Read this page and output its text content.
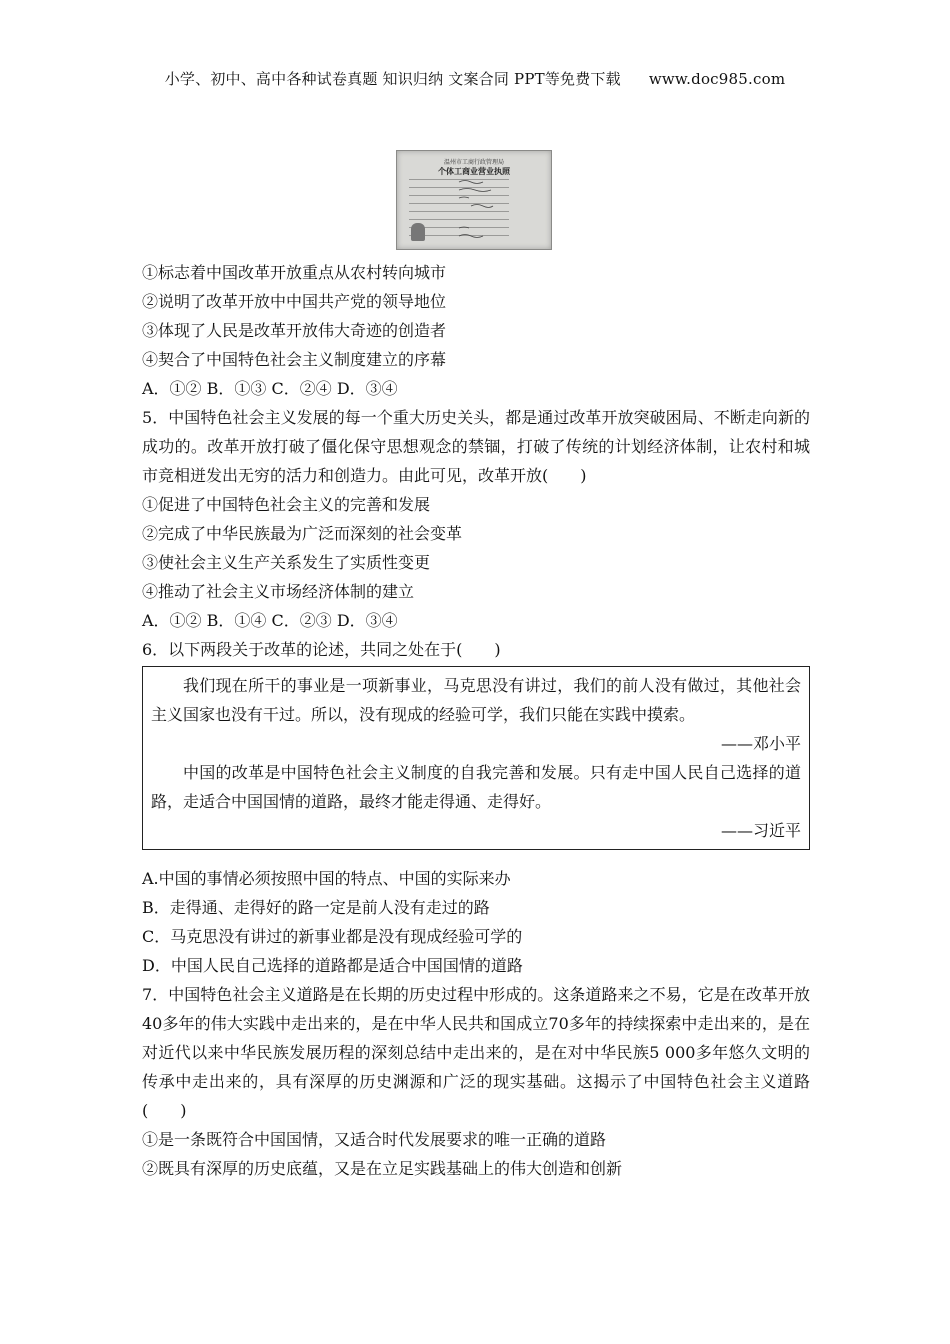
小学、初中、高中各种试卷真题 知识归纳 文案合同 PPT等免费下载 www.doc985.com
温州市工商行政管理局
个体工商业营业执照

①标志着中国改革开放重点从农村转向城市

②说明了改革开放中中国共产党的领导地位

③体现了人民是改革开放伟大奇迹的创造者

④契合了中国特色社会主义制度建立的序幕

A．①② B．①③ C．②④ D．③④

5．中国特色社会主义发展的每一个重大历史关头，都是通过改革开放突破困局、不断走向新的成功的。改革开放打破了僵化保守思想观念的禁锢，打破了传统的计划经济体制，让农村和城市竞相迸发出无穷的活力和创造力。由此可见，改革开放(　　)

①促进了中国特色社会主义的完善和发展

②完成了中华民族最为广泛而深刻的社会变革

③使社会主义生产关系发生了实质性变更

④推动了社会主义市场经济体制的建立

A．①② B．①④ C．②③ D．③④

6．以下两段关于改革的论述，共同之处在于(　　)

我们现在所干的事业是一项新事业，马克思没有讲过，我们的前人没有做过，其他社会主义国家也没有干过。所以，没有现成的经验可学，我们只能在实践中摸索。

——邓小平

中国的改革是中国特色社会主义制度的自我完善和发展。只有走中国人民自己选择的道路，走适合中国国情的道路，最终才能走得通、走得好。

——习近平

A.中国的事情必须按照中国的特点、中国的实际来办

B．走得通、走得好的路一定是前人没有走过的路

C．马克思没有讲过的新事业都是没有现成经验可学的

D．中国人民自己选择的道路都是适合中国国情的道路

7．中国特色社会主义道路是在长期的历史过程中形成的。这条道路来之不易，它是在改革开放40多年的伟大实践中走出来的，是在中华人民共和国成立70多年的持续探索中走出来的，是在对近代以来中华民族发展历程的深刻总结中走出来的，是在对中华民族5 000多年悠久文明的传承中走出来的，具有深厚的历史渊源和广泛的现实基础。这揭示了中国特色社会主义道路(　　)

①是一条既符合中国国情，又适合时代发展要求的唯一正确的道路

②既具有深厚的历史底蕴，又是在立足实践基础上的伟大创造和创新
